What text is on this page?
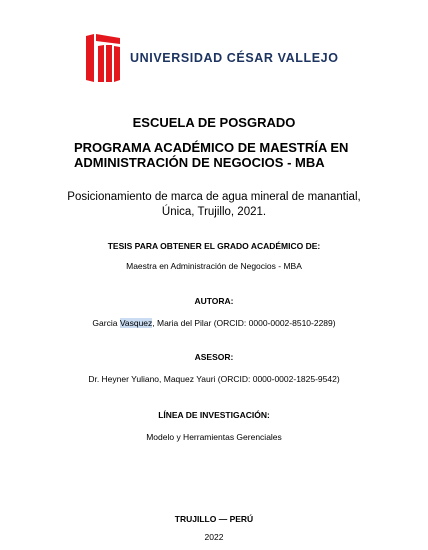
UNIVERSIDAD CÉSAR VALLEJO
ESCUELA DE POSGRADO
PROGRAMA ACADÉMICO DE MAESTRÍA EN ADMINISTRACIÓN DE NEGOCIOS - MBA
Posicionamiento de marca de agua mineral de manantial, Única, Trujillo, 2021.
TESIS PARA OBTENER EL GRADO ACADÉMICO DE:
Maestra en Administración de Negocios - MBA
AUTORA:
Garcia Vasquez, Maria del Pilar (ORCID: 0000-0002-8510-2289)
ASESOR:
Dr. Heyner Yuliano, Maquez Yauri (ORCID: 0000-0002-1825-9542)
LÍNEA DE INVESTIGACIÓN:
Modelo y Herramientas Gerenciales
TRUJILLO — PERÚ
2022
